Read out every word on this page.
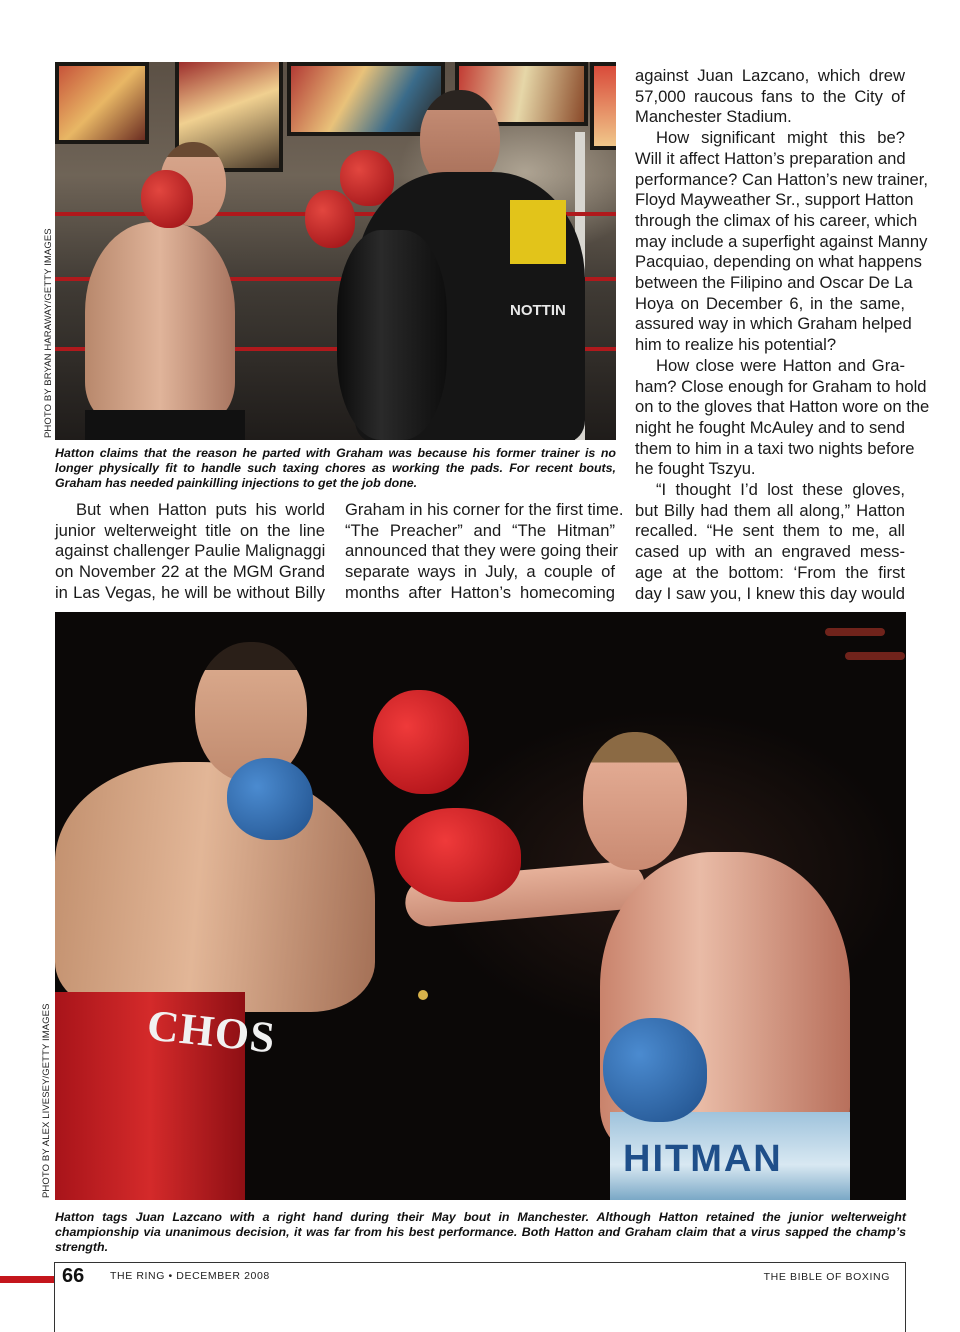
NOTTIN
PHOTO BY BRYAN HARAWAY/GETTY IMAGES
Hatton claims that the reason he parted with Graham was because his former trainer is no longer physically fit to handle such taxing chores as working the pads. For recent bouts, Graham has needed painkilling injections to get the job done.

But when Hatton puts his world
junior welterweight title on the line
against challenger Paulie Malignaggi
on November 22 at the MGM Grand
in Las Vegas, he will be without Billy

Graham in his corner for the first time.
“The Preacher” and “The Hitman”
announced that they were going their
separate ways in July, a couple of
months after Hatton’s homecoming

against Juan Lazcano, which drew
57,000 raucous fans to the City of
Manchester Stadium.

How significant might this be?
Will it affect Hatton’s preparation and
performance? Can Hatton’s new trainer,
Floyd Mayweather Sr., support Hatton
through the climax of his career, which
may include a superfight against Manny
Pacquiao, depending on what happens
between the Filipino and Oscar De La
Hoya on December 6, in the same,
assured way in which Graham helped
him to realize his potential?

How close were Hatton and Gra-
ham? Close enough for Graham to hold
on to the gloves that Hatton wore on the
night he fought McAuley and to send
them to him in a taxi two nights before
he fought Tszyu.

“I thought I’d lost these gloves,
but Billy had them all along,” Hatton
recalled. “He sent them to me, all
cased up with an engraved mess-
age at the bottom: ‘From the first
day I saw you, I knew this day would

CHOS
HITMAN
PHOTO BY ALEX LIVESEY/GETTY IMAGES
Hatton tags Juan Lazcano with a right hand during their May bout in Manchester. Although Hatton retained the junior welterweight championship via unanimous decision, it was far from his best performance. Both Hatton and Graham claim that a virus sapped the champ’s strength.
66 THE RING • DECEMBER 2008	THE BIBLE OF BOXING
